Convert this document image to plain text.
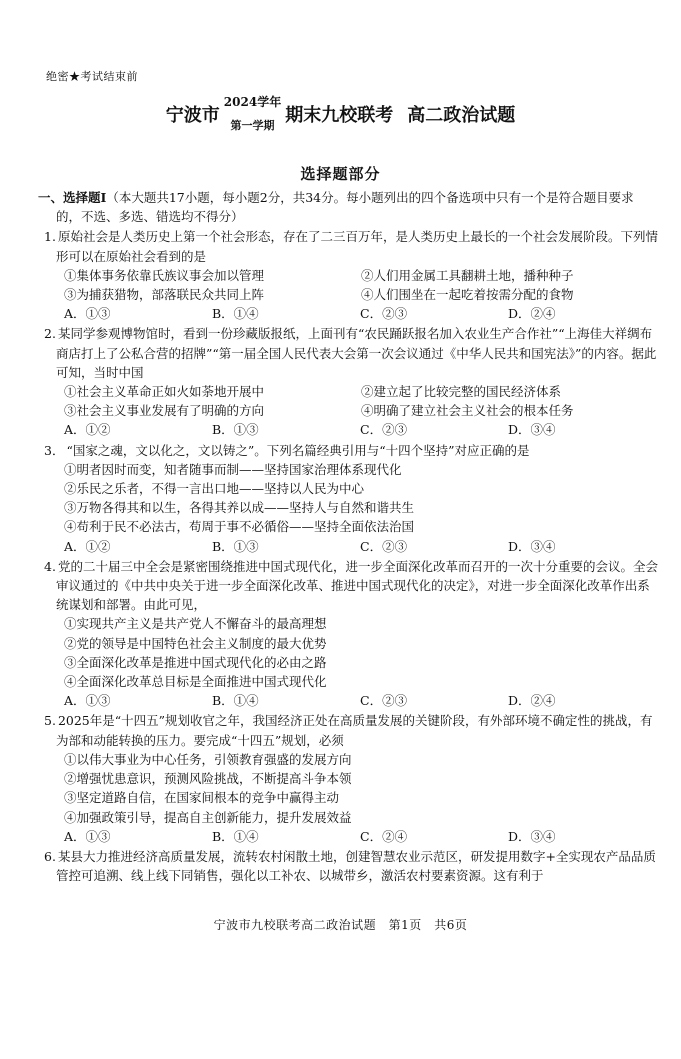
绝密★考试结束前
宁波市
2024学年
第一学期 期末九校联考 高二政治试题
选择题部分
一、选择题Ⅰ（本大题共17小题，每小题2分，共34分。每小题列出的四个备选项中只有一个是符合题目要求的，不选、多选、错选均不得分）
1. 原始社会是人类历史上第一个社会形态，存在了二三百万年，是人类历史上最长的一个社会发展阶段。下列情形可以在原始社会看到的是
①集体事务依靠氏族议事会加以管理	②人们用金属工具翻耕土地，播种种子
③为捕获猎物，部落联民众共同上阵	④人们围坐在一起吃着按需分配的食物
A．①③	B．①④	C．②③	D．②④
2. 某同学参观博物馆时，看到一份珍藏版报纸，上面刊有“农民踊跃报名加入农业生产合作社”“上海佳大祥绸布商店打上了公私合营的招牌”“第一届全国人民代表大会第一次会议通过《中华人民共和国宪法》”的内容。据此可知，当时中国
①社会主义革命正如火如荼地开展中	②建立起了比较完整的国民经济体系
③社会主义事业发展有了明确的方向	④明确了建立社会主义社会的根本任务
A．①②	B．①③	C．②③	D．③④
3． “国家之魂，文以化之，文以铸之”。下列名篇经典引用与“十四个坚持”对应正确的是
①明者因时而变，知者随事而制——坚持国家治理体系现代化
②乐民之乐者，不得一言出口地——坚持以人民为中心
③万物各得其和以生，各得其养以成——坚持人与自然和谐共生
④苟利于民不必法古，苟周于事不必循俗——坚持全面依法治国
A．①②	B．①③	C．②③	D．③④
4. 党的二十届三中全会是紧密围绕推进中国式现代化，进一步全面深化改革而召开的一次十分重要的会议。全会审议通过的《中共中央关于进一步全面深化改革、推进中国式现代化的决定》，对进一步全面深化改革作出系统谋划和部署。由此可见，
①实现共产主义是共产党人不懈奋斗的最高理想
②党的领导是中国特色社会主义制度的最大优势
③全面深化改革是推进中国式现代化的必由之路
④全面深化改革总目标是全面推进中国式现代化
A．①③	B．①④	C．②③	D．②④
5. 2025年是“十四五”规划收官之年，我国经济正处在高质量发展的关键阶段，有外部环境不确定性的挑战，有为部和动能转换的压力。要完成“十四五”规划，必须
①以伟大事业为中心任务，引领教育强盛的发展方向
②增强忧患意识，预测风险挑战，不断提高斗争本领
③坚定道路自信，在国家间根本的竞争中赢得主动
④加强政策引导，提高自主创新能力，提升发展效益
A．①③	B．①④	C．②④	D．③④
6. 某县大力推进经济高质量发展，流转农村闲散土地，创建智慧农业示范区，研发提用数字+全实现农产品品质管控可追溯、线上线下同销售，强化以工补农、以城带乡，激活农村要素资源。这有利于
宁波市九校联考高二政治试题　第1页　共6页
